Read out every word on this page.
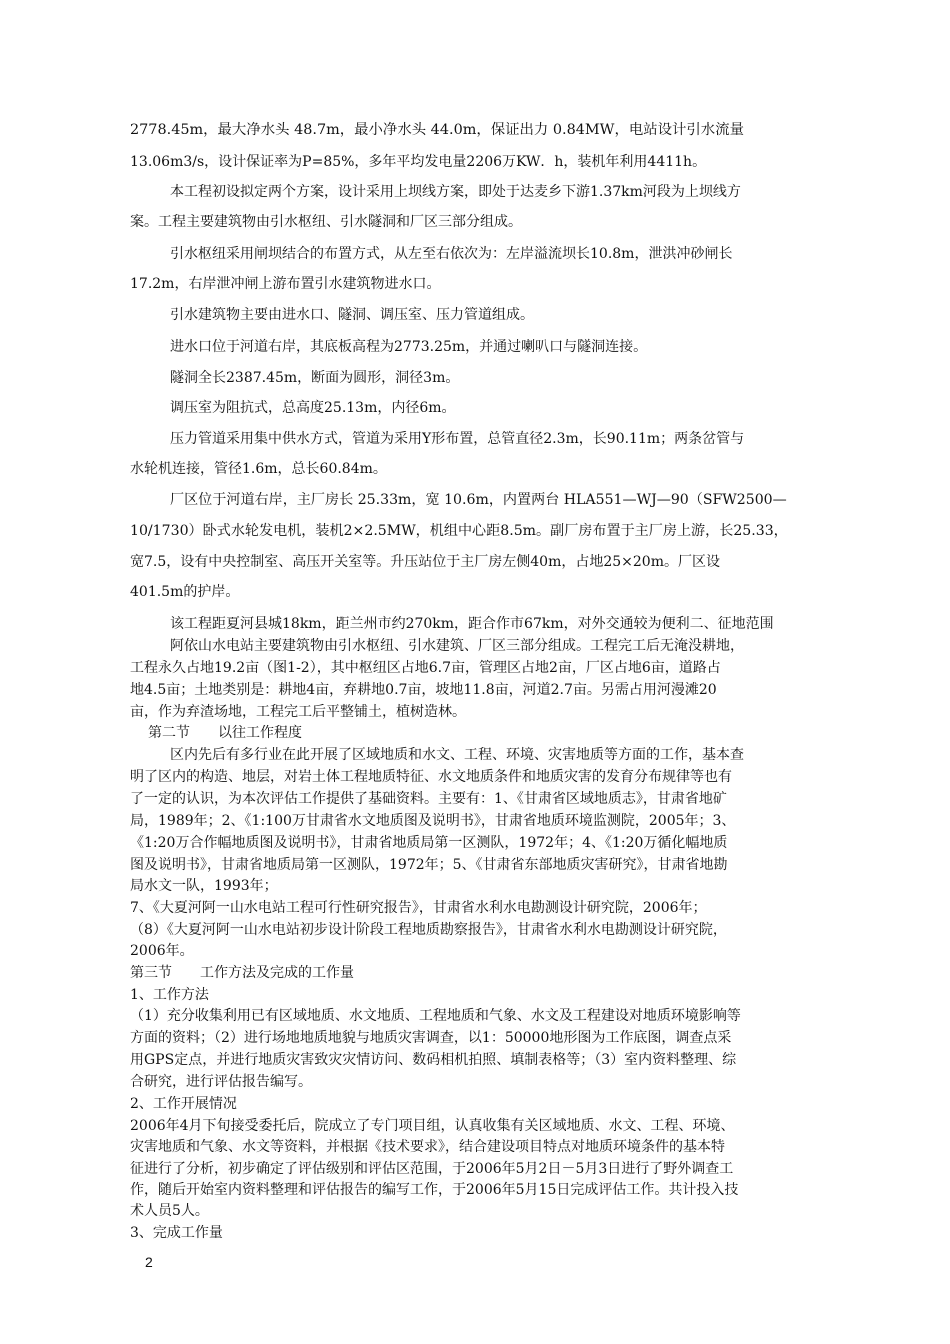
2778.45m，最大净水头 48.7m，最小净水头 44.0m，保证出力 0.84MW，电站设计引水流量
13.06m3/s，设计保证率为P=85%，多年平均发电量2206万KW．h，装机年利用4411h。
本工程初设拟定两个方案，设计采用上坝线方案，即处于达麦乡下游1.37km河段为上坝线方
案。工程主要建筑物由引水枢纽、引水隧洞和厂区三部分组成。
引水枢纽采用闸坝结合的布置方式，从左至右依次为：左岸溢流坝长10.8m，泄洪冲砂闸长
17.2m，右岸泄冲闸上游布置引水建筑物进水口。
引水建筑物主要由进水口、隧洞、调压室、压力管道组成。
进水口位于河道右岸，其底板高程为2773.25m，并通过喇叭口与隧洞连接。
隧洞全长2387.45m，断面为圆形，洞径3m。
调压室为阻抗式，总高度25.13m，内径6m。
压力管道采用集中供水方式，管道为采用Y形布置，总管直径2.3m，长90.11m；两条岔管与
水轮机连接，管径1.6m，总长60.84m。
厂区位于河道右岸，主厂房长 25.33m，宽 10.6m，内置两台 HLA551—WJ—90（SFW2500—
10/1730）卧式水轮发电机，装机2×2.5MW，机组中心距8.5m。副厂房布置于主厂房上游，长25.33，
宽7.5，设有中央控制室、高压开关室等。升压站位于主厂房左侧40m，占地25×20m。厂区设
401.5m的护岸。
该工程距夏河县城18km，距兰州市约270km，距合作市67km，对外交通较为便利二、征地范围
阿依山水电站主要建筑物由引水枢纽、引水建筑、厂区三部分组成。工程完工后无淹没耕地，
工程永久占地19.2亩（图1-2），其中枢纽区占地6.7亩，管理区占地2亩，厂区占地6亩，道路占
地4.5亩；土地类别是：耕地4亩，弃耕地0.7亩，坡地11.8亩，河道2.7亩。另需占用河漫滩20
亩，作为弃渣场地，工程完工后平整铺土，植树造林。
第二节　　以往工作程度
区内先后有多行业在此开展了区域地质和水文、工程、环境、灾害地质等方面的工作，基本查
明了区内的构造、地层，对岩土体工程地质特征、水文地质条件和地质灾害的发育分布规律等也有
了一定的认识，为本次评估工作提供了基础资料。主要有：1、《甘肃省区域地质志》，甘肃省地矿
局，1989年；2、《1:100万甘肃省水文地质图及说明书》，甘肃省地质环境监测院，2005年；3、
《1:20万合作幅地质图及说明书》，甘肃省地质局第一区测队，1972年；4、《1:20万循化幅地质
图及说明书》，甘肃省地质局第一区测队，1972年；5、《甘肃省东部地质灾害研究》，甘肃省地勘
局水文一队，1993年；
7、《大夏河阿一山水电站工程可行性研究报告》，甘肃省水利水电勘测设计研究院，2006年；
（8）《大夏河阿一山水电站初步设计阶段工程地质勘察报告》，甘肃省水利水电勘测设计研究院，
2006年。
第三节　　工作方法及完成的工作量
1、工作方法
（1）充分收集利用已有区域地质、水文地质、工程地质和气象、水文及工程建设对地质环境影响等
方面的资料；（2）进行场地地质地貌与地质灾害调查，以1：50000地形图为工作底图，调查点采
用GPS定点，并进行地质灾害致灾灾情访问、数码相机拍照、填制表格等；（3）室内资料整理、综
合研究，进行评估报告编写。
2、工作开展情况
2006年4月下旬接受委托后，院成立了专门项目组，认真收集有关区域地质、水文、工程、环境、
灾害地质和气象、水文等资料，并根据《技术要求》，结合建设项目特点对地质环境条件的基本特
征进行了分析，初步确定了评估级别和评估区范围，于2006年5月2日－5月3日进行了野外调查工
作，随后开始室内资料整理和评估报告的编写工作，于2006年5月15日完成评估工作。共计投入技
术人员5人。
3、完成工作量
2
